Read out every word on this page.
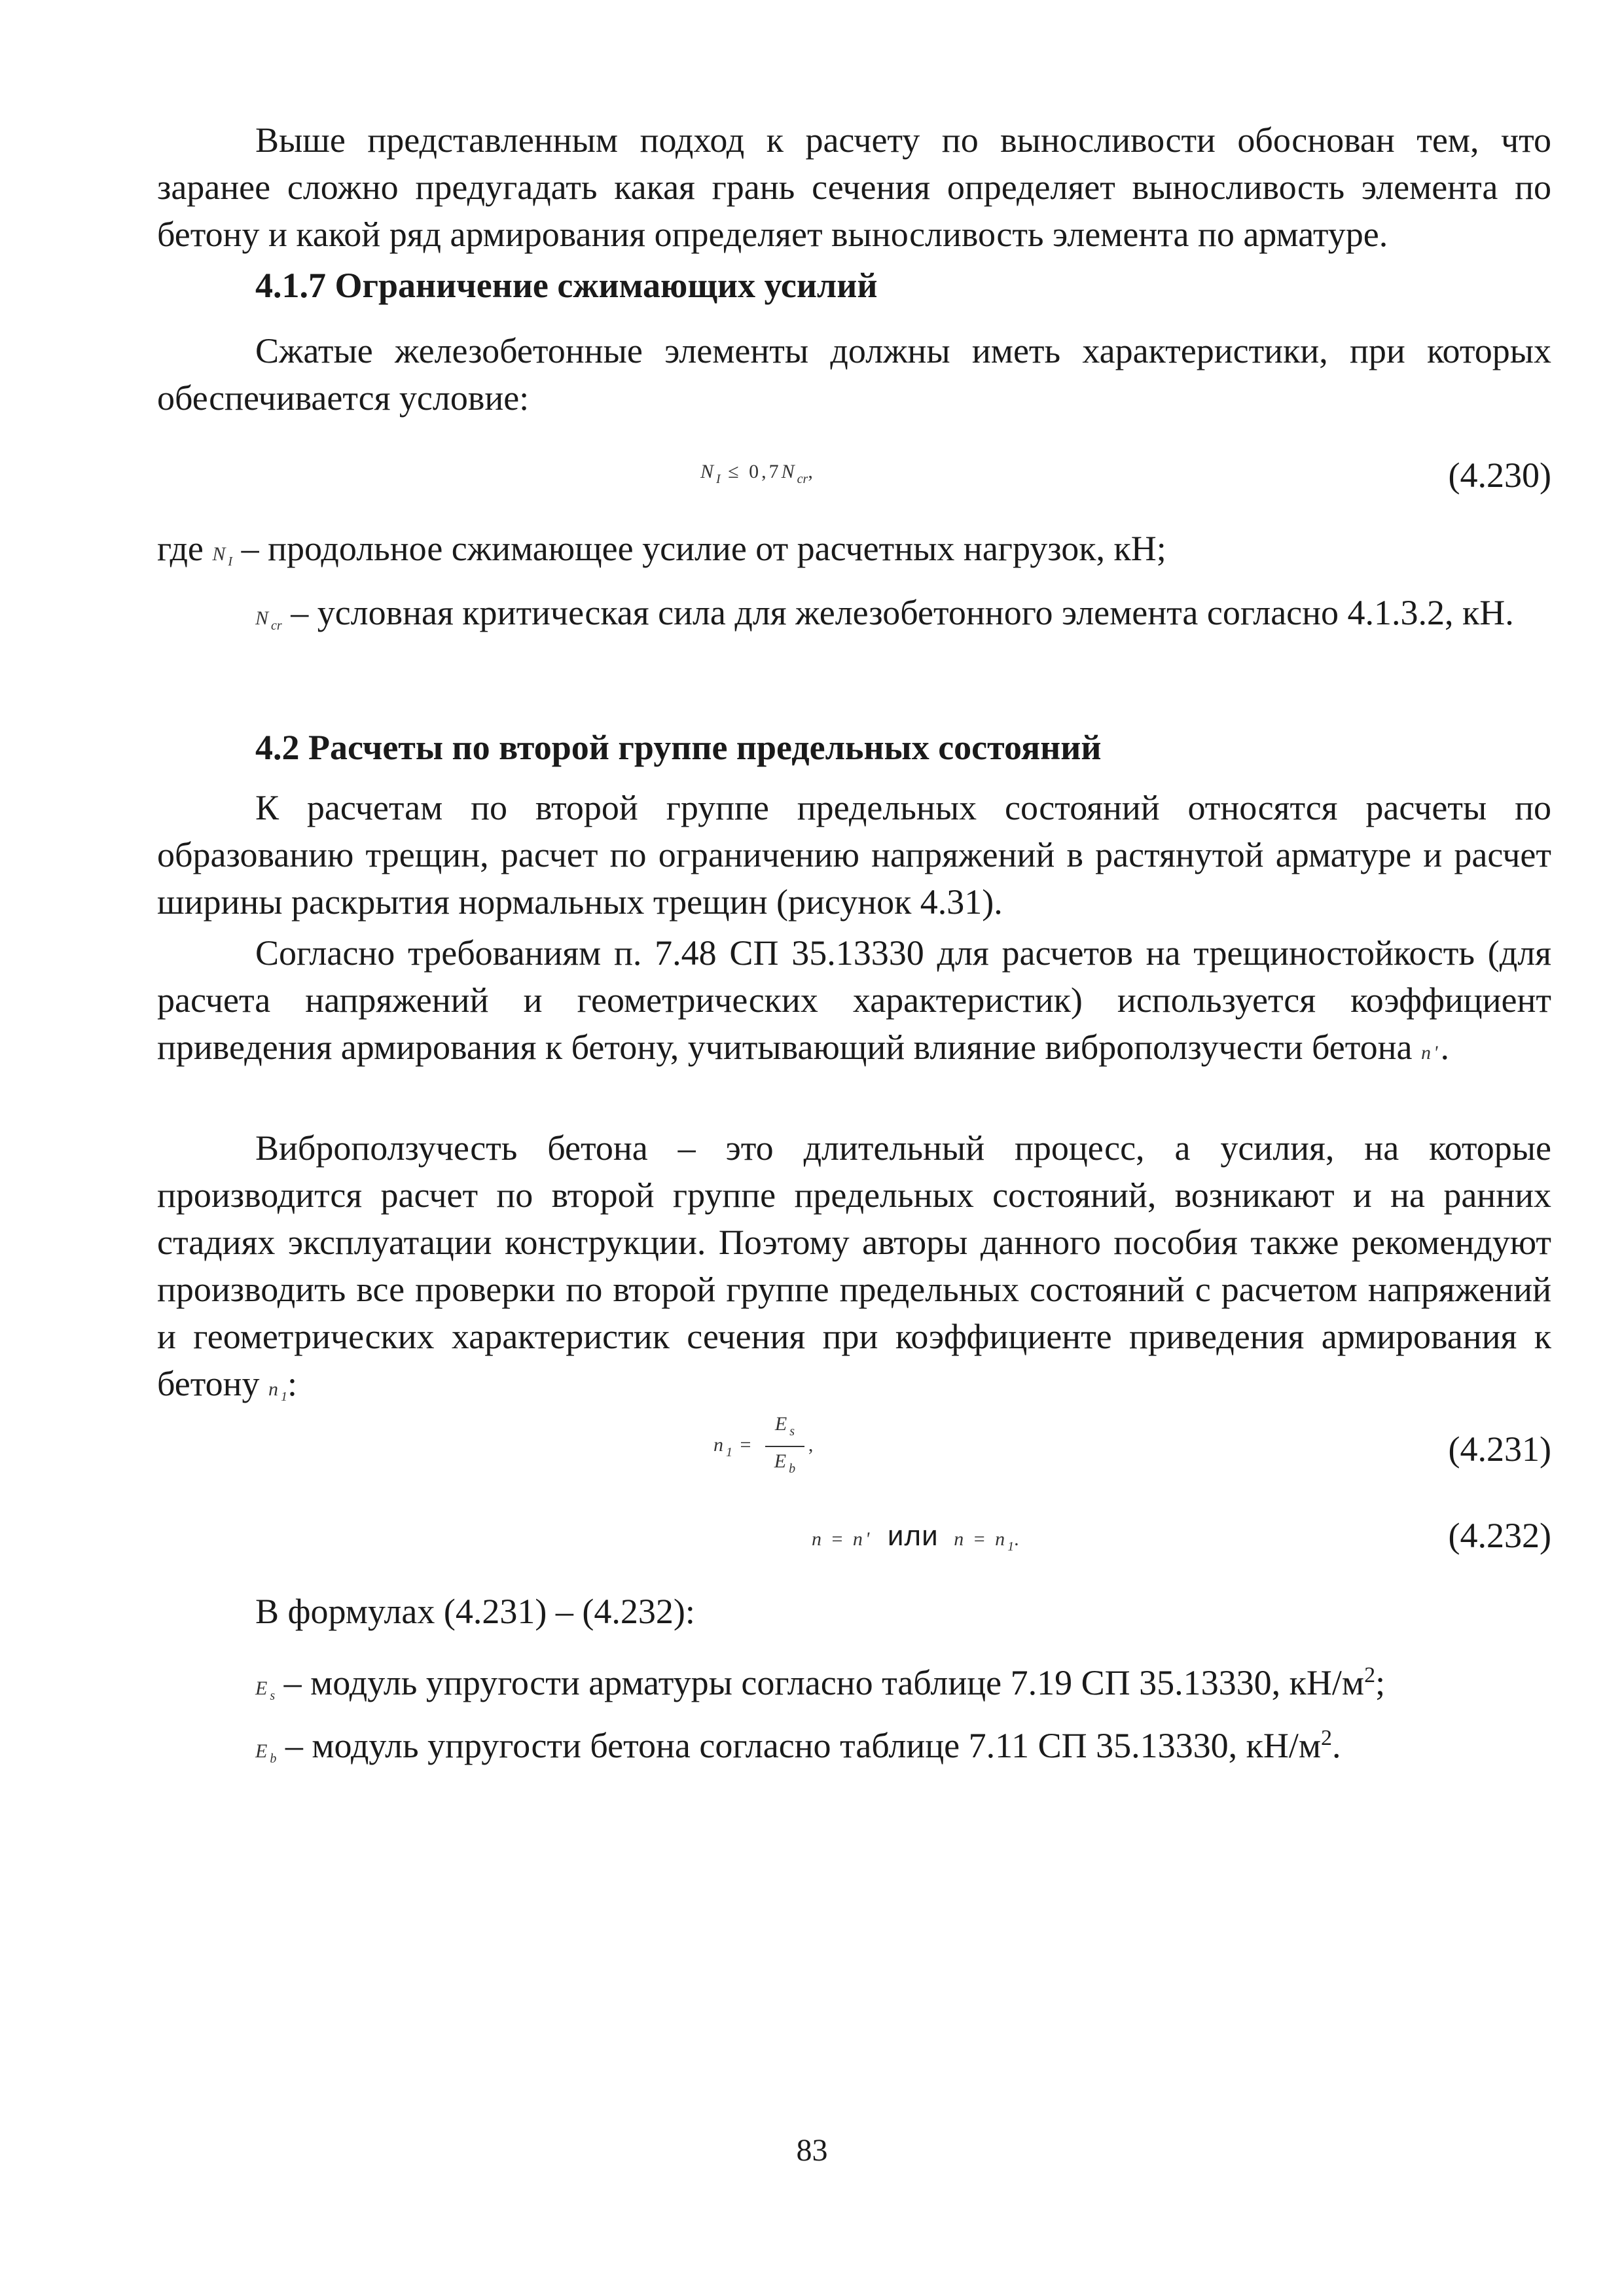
Выше представленным подход к расчету по выносливости обоснован тем, что заранее сложно предугадать какая грань сечения определяет выносливость элемента по бетону и какой ряд армирования определяет выносливость элемента по арматуре.

4.1.7 Ограничение сжимающих усилий

Сжатые железобетонные элементы должны иметь характеристики, при которых обеспечивается условие:

$N_I \le 0,7N_{cr}$,	(4.230)

где $N_I$ – продольное сжимающее усилие от расчетных нагрузок, кН;

$N_{cr}$ – условная критическая сила для железобетонного элемента согласно 4.1.3.2, кН.

4.2 Расчеты по второй группе предельных состояний

К расчетам по второй группе предельных состояний относятся расчеты по образованию трещин, расчет по ограничению напряжений в растянутой арматуре и расчет ширины раскрытия нормальных трещин (рисунок 4.31).

Согласно требованиям п. 7.48 СП 35.13330 для расчетов на трещиностойкость (для расчета напряжений и геометрических характеристик) используется коэффициент приведения армирования к бетону, учитывающий влияние виброползучести бетона n'.

Виброползучесть бетона – это длительный процесс, а усилия, на которые производится расчет по второй группе предельных состояний, возникают и на ранних стадиях эксплуатации конструкции. Поэтому авторы данного пособия также рекомендуют производить все проверки по второй группе предельных состояний с расчетом напряжений и геометрических характеристик сечения при коэффициенте приведения армирования к бетону $n_1$:

$n_1 = \frac{E_s}{E_b}$ ,	(4.231)
n = n' или $n = n_1$.	(4.232)

В формулах (4.231) – (4.232):

$E_s$ – модуль упругости арматуры согласно таблице 7.19 СП 35.13330, $кН/м^2$;

$E_b$ – модуль упругости бетона согласно таблице 7.11 СП 35.13330, $кН/м^2$.

83
